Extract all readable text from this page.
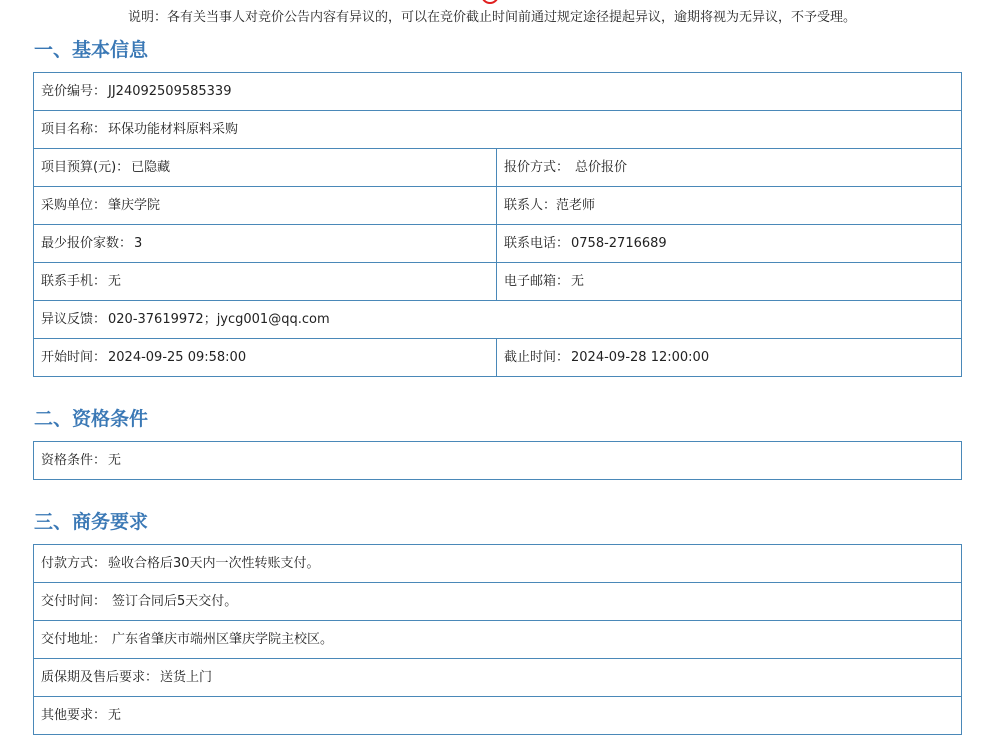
说明：各有关当事人对竞价公告内容有异议的，可以在竞价截止时间前通过规定途径提起异议，逾期将视为无异议，不予受理。
一、基本信息
竞价编号： JJ24092509585339	
项目名称： 环保功能材料原料采购	
项目预算(元)： 已隐藏	报价方式： 总价报价
采购单位： 肇庆学院	联系人：范老师
最少报价家数： 3	联系电话： 0758-2716689
联系手机： 无	电子邮箱： 无
异议反馈： 020-37619972；jycg001@qq.com	
开始时间： 2024-09-25 09:58:00	截止时间： 2024-09-28 12:00:00
二、资格条件
资格条件： 无
三、商务要求
付款方式： 验收合格后30天内一次性转账支付。
交付时间： 签订合同后5天交付。
交付地址： 广东省肇庆市端州区肇庆学院主校区。
质保期及售后要求： 送货上门
其他要求： 无
